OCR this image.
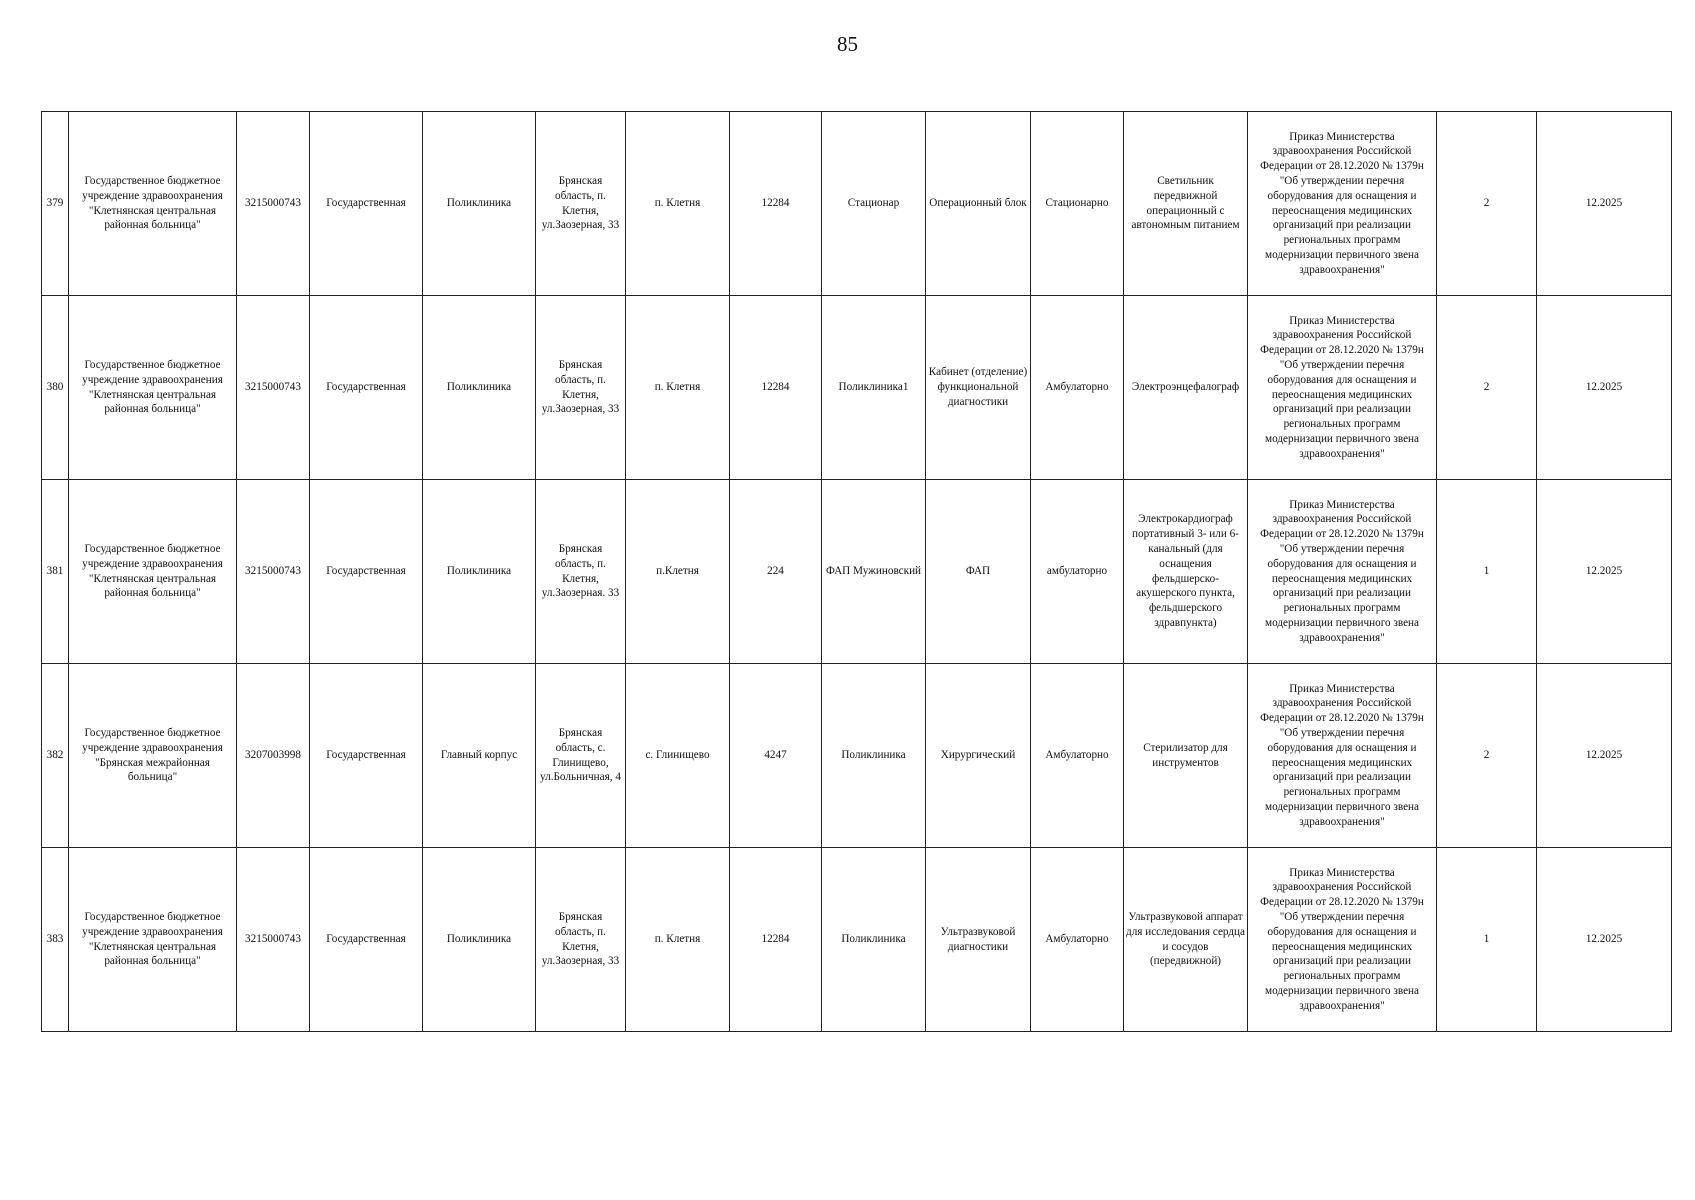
85
379	Государственное бюджетное учреждение здравоохранения "Клетнянская центральная районная больница"	3215000743	Государственная	Поликлиника	Брянская область, п. Клетня, ул.Заозерная, 33	п. Клетня	12284	Стационар	Операционный блок	Стационарно	Светильник передвижной операционный с автономным питанием	Приказ Министерства здравоохранения Российской Федерации от 28.12.2020 № 1379н "Об утверждении перечня оборудования для оснащения и переоснащения медицинских организаций при реализации региональных программ модернизации первичного звена здравоохранения"	2	12.2025
380	Государственное бюджетное учреждение здравоохранения "Клетнянская центральная районная больница"	3215000743	Государственная	Поликлиника	Брянская область, п. Клетня, ул.Заозерная, 33	п. Клетня	12284	Поликлиника1	Кабинет (отделение) функциональной диагностики	Амбулаторно	Электроэнцефалограф	Приказ Министерства здравоохранения Российской Федерации от 28.12.2020 № 1379н "Об утверждении перечня оборудования для оснащения и переоснащения медицинских организаций при реализации региональных программ модернизации первичного звена здравоохранения"	2	12.2025
381	Государственное бюджетное учреждение здравоохранения "Клетнянская центральная районная больница"	3215000743	Государственная	Поликлиника	Брянская область, п. Клетня, ул.Заозерная. 33	п.Клетня	224	ФАП Мужиновский	ФАП	амбулаторно	Электрокардиограф портативный 3- или 6-канальный (для оснащения фельдшерско-акушерского пункта, фельдшерского здравпункта)	Приказ Министерства здравоохранения Российской Федерации от 28.12.2020 № 1379н "Об утверждении перечня оборудования для оснащения и переоснащения медицинских организаций при реализации региональных программ модернизации первичного звена здравоохранения"	1	12.2025
382	Государственное бюджетное учреждение здравоохранения "Брянская межрайонная больница"	3207003998	Государственная	Главный корпус	Брянская область, с. Глинищево, ул.Больничная, 4	с. Глинищево	4247	Поликлиника	Хирургический	Амбулаторно	Стерилизатор для инструментов	Приказ Министерства здравоохранения Российской Федерации от 28.12.2020 № 1379н "Об утверждении перечня оборудования для оснащения и переоснащения медицинских организаций при реализации региональных программ модернизации первичного звена здравоохранения"	2	12.2025
383	Государственное бюджетное учреждение здравоохранения "Клетнянская центральная районная больница"	3215000743	Государственная	Поликлиника	Брянская область, п. Клетня, ул.Заозерная, 33	п. Клетня	12284	Поликлиника	Ультразвуковой диагностики	Амбулаторно	Ультразвуковой аппарат для исследования сердца и сосудов (передвижной)	Приказ Министерства здравоохранения Российской Федерации от 28.12.2020 № 1379н "Об утверждении перечня оборудования для оснащения и переоснащения медицинских организаций при реализации региональных программ модернизации первичного звена здравоохранения"	1	12.2025
